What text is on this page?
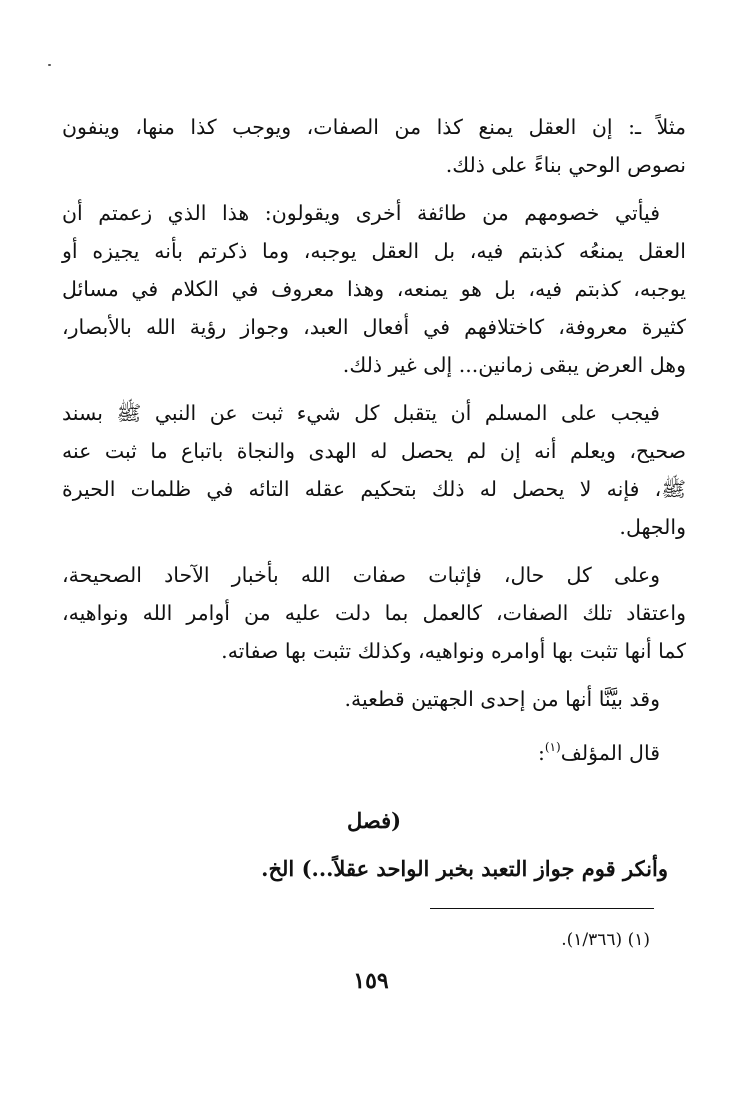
مثلاً ـ: إن العقل يمنع كذا من الصفات، ويوجب كذا منها، وينفون
نصوص الوحي بناءً على ذلك.

فيأتي خصومهم من طائفة أخرى ويقولون: هذا الذي زعمتم أن
العقل يمنعُه كذبتم فيه، بل العقل يوجبه، وما ذكرتم بأنه يجيزه أو
يوجبه، كذبتم فيه، بل هو يمنعه، وهذا معروف في الكلام في مسائل
كثيرة معروفة، كاختلافهم في أفعال العبد، وجواز رؤية الله بالأبصار،
وهل العرض يبقى زمانين... إلى غير ذلك.

فيجب على المسلم أن يتقبل كل شيء ثبت عن النبي ﷺ بسند
صحيح، ويعلم أنه إن لم يحصل له الهدى والنجاة باتباع ما ثبت عنه
ﷺ، فإنه لا يحصل له ذلك بتحكيم عقله التائه في ظلمات الحيرة
والجهل.

وعلى كل حال، فإثبات صفات الله بأخبار الآحاد الصحيحة،
واعتقاد تلك الصفات، كالعمل بما دلت عليه من أوامر الله ونواهيه،
كما أنها تثبت بها أوامره ونواهيه، وكذلك تثبت بها صفاته.

وقد بيَّنَّا أنها من إحدى الجهتين قطعية.

قال المؤلف$^{(١)}$:

(فصل

وأنكر قوم جواز التعبد بخبر الواحد عقلاً...) الخ.

(١) (١/٣٦٦).
١٥٩
